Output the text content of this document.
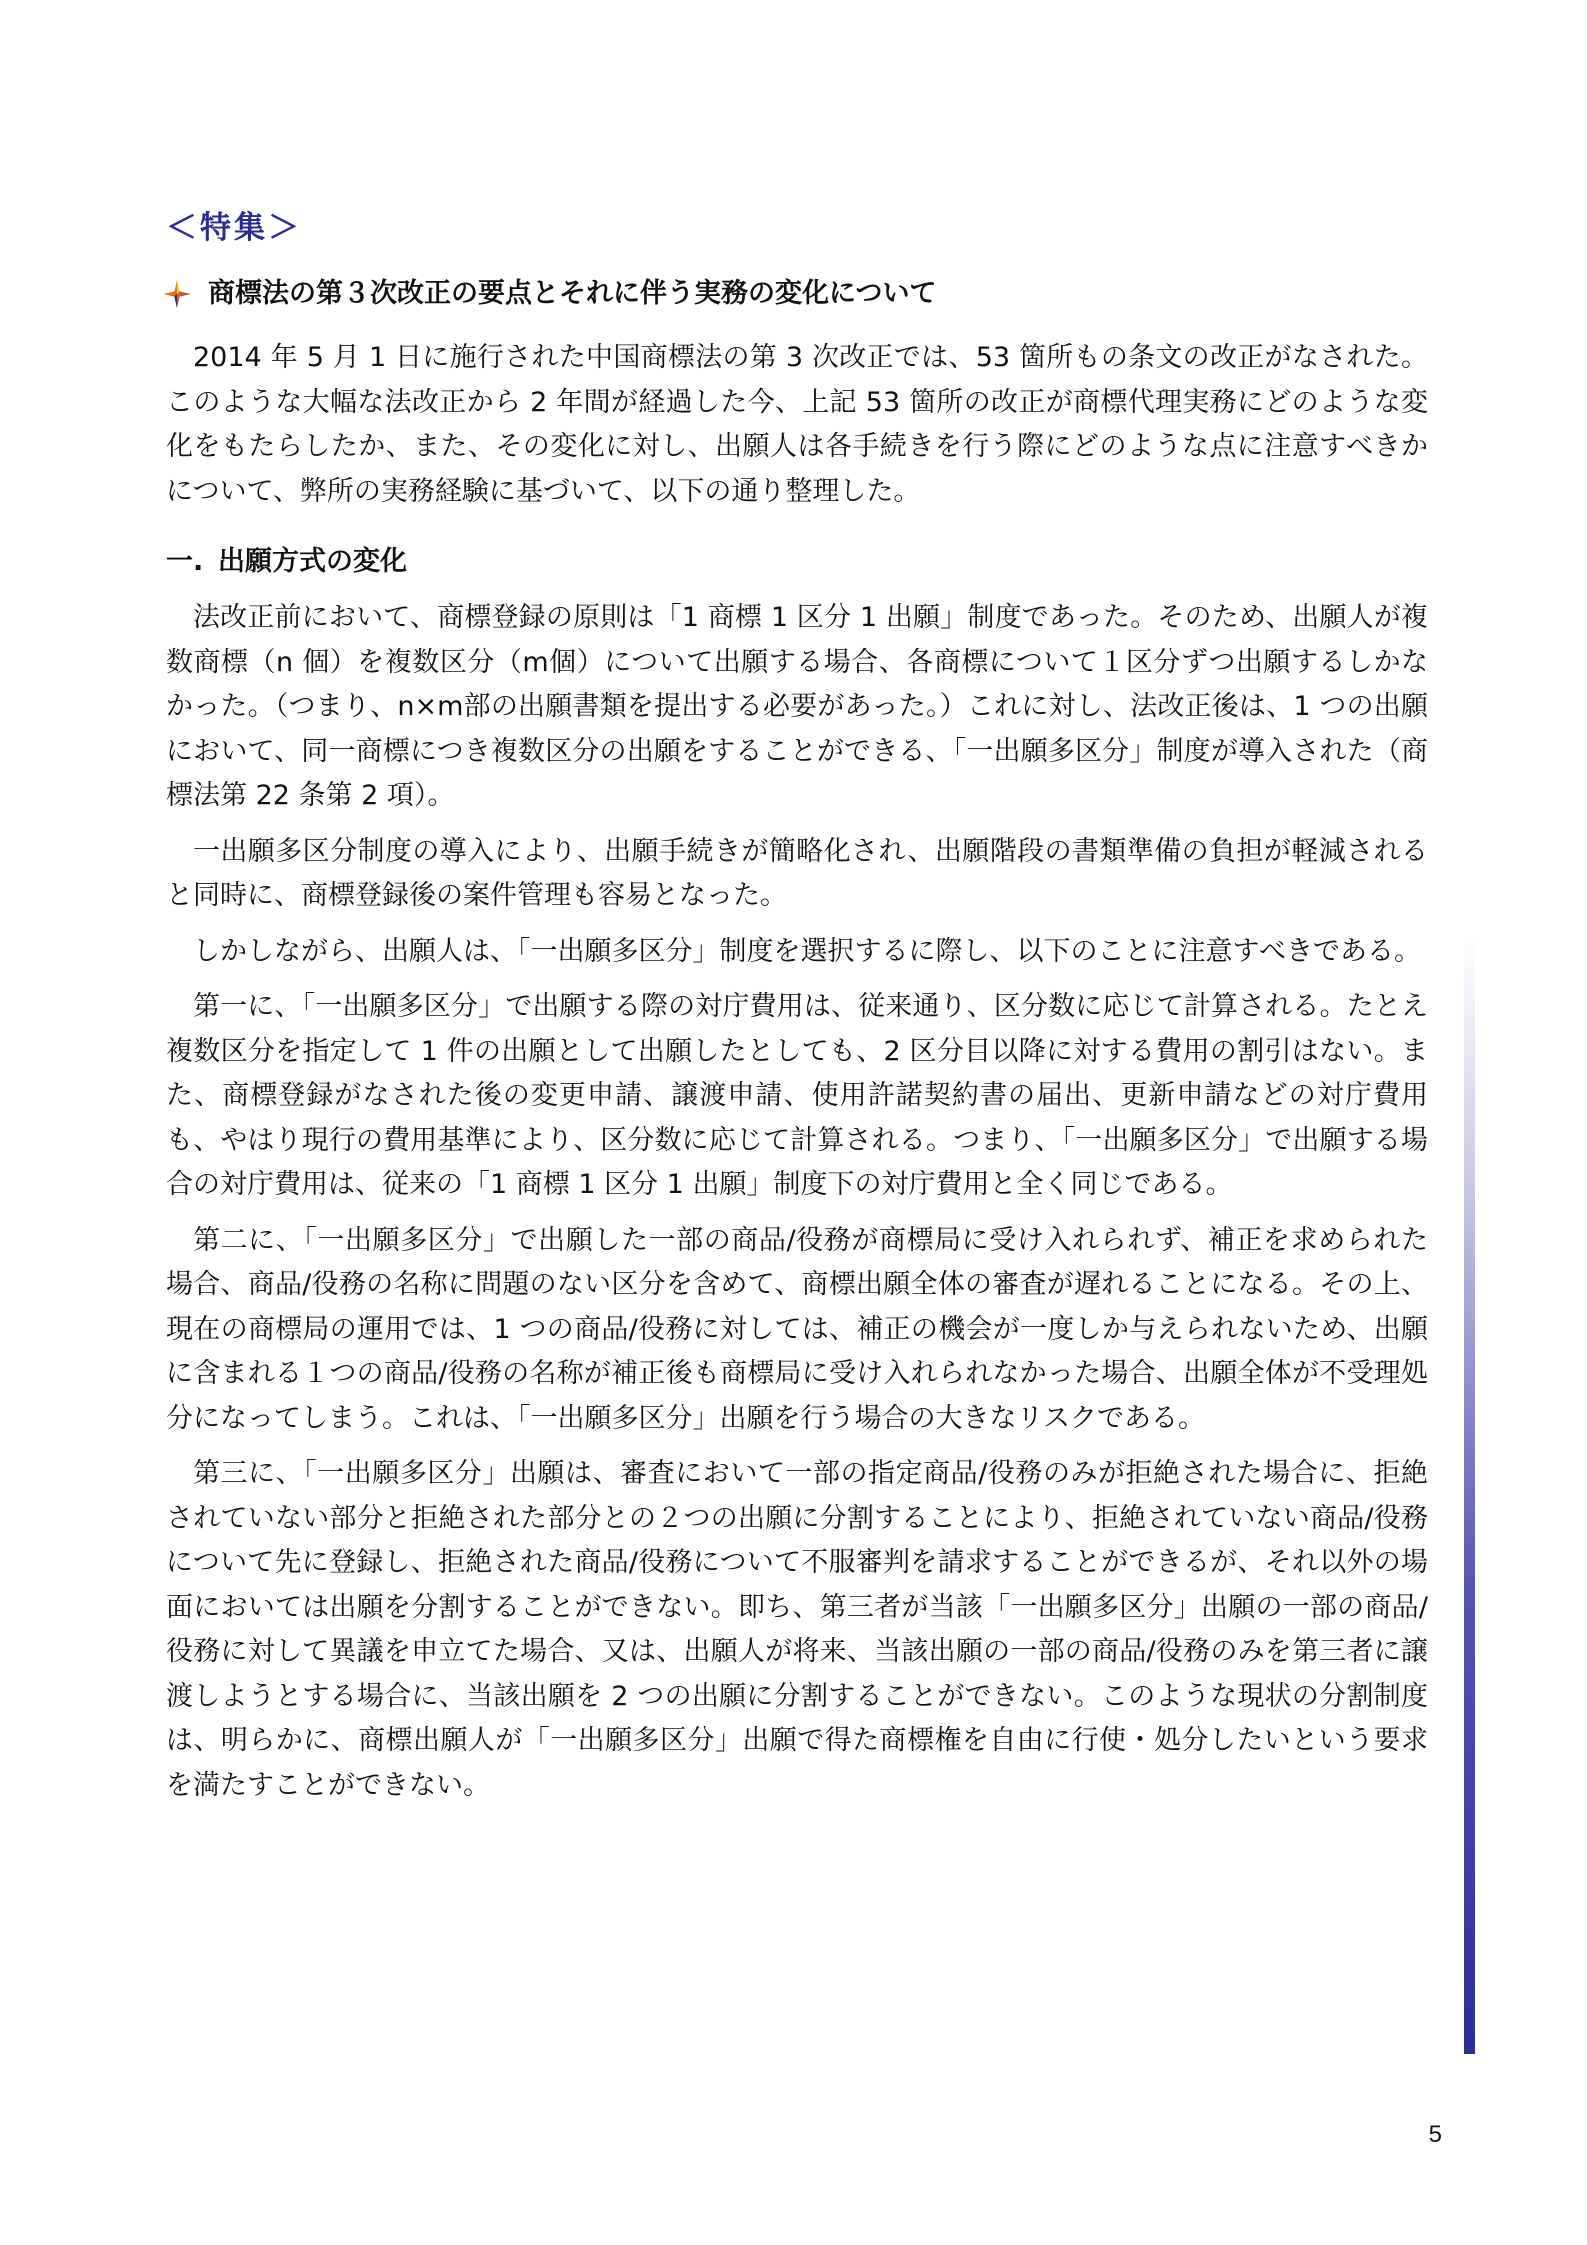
＜特集＞
商標法の第３次改正の要点とそれに伴う実務の変化について

2014 年 5 月 1 日に施行された中国商標法の第 3 次改正では、53 箇所もの条文の改正がなされた。このような大幅な法改正から 2 年間が経過した今、上記 53 箇所の改正が商標代理実務にどのような変化をもたらしたか、また、その変化に対し、出願人は各手続きを行う際にどのような点に注意すべきかについて、弊所の実務経験に基づいて、以下の通り整理した。

一. 出願方式の変化

法改正前において、商標登録の原則は「1 商標 1 区分 1 出願」制度であった。そのため、出願人が複数商標（n 個）を複数区分（m個）について出願する場合、各商標について１区分ずつ出願するしかなかった。（つまり、n×m部の出願書類を提出する必要があった。）これに対し、法改正後は、1 つの出願において、同一商標につき複数区分の出願をすることができる、「一出願多区分」制度が導入された（商標法第 22 条第 2 項）。

一出願多区分制度の導入により、出願手続きが簡略化され、出願階段の書類準備の負担が軽減されると同時に、商標登録後の案件管理も容易となった。

しかしながら、出願人は、「一出願多区分」制度を選択するに際し、以下のことに注意すべきである。

第一に、「一出願多区分」で出願する際の対庁費用は、従来通り、区分数に応じて計算される。たとえ複数区分を指定して 1 件の出願として出願したとしても、2 区分目以降に対する費用の割引はない。また、商標登録がなされた後の変更申請、譲渡申請、使用許諾契約書の届出、更新申請などの対庁費用も、やはり現行の費用基準により、区分数に応じて計算される。つまり、「一出願多区分」で出願する場合の対庁費用は、従来の「1 商標 1 区分 1 出願」制度下の対庁費用と全く同じである。

第二に、「一出願多区分」で出願した一部の商品/役務が商標局に受け入れられず、補正を求められた場合、商品/役務の名称に問題のない区分を含めて、商標出願全体の審査が遅れることになる。その上、現在の商標局の運用では、1 つの商品/役務に対しては、補正の機会が一度しか与えられないため、出願に含まれる１つの商品/役務の名称が補正後も商標局に受け入れられなかった場合、出願全体が不受理処分になってしまう。これは、「一出願多区分」出願を行う場合の大きなリスクである。

第三に、「一出願多区分」出願は、審査において一部の指定商品/役務のみが拒絶された場合に、拒絶されていない部分と拒絶された部分との２つの出願に分割することにより、拒絶されていない商品/役務について先に登録し、拒絶された商品/役務について不服審判を請求することができるが、それ以外の場面においては出願を分割することができない。即ち、第三者が当該「一出願多区分」出願の一部の商品/役務に対して異議を申立てた場合、又は、出願人が将来、当該出願の一部の商品/役務のみを第三者に譲渡しようとする場合に、当該出願を 2 つの出願に分割することができない。このような現状の分割制度は、明らかに、商標出願人が「一出願多区分」出願で得た商標権を自由に行使・処分したいという要求を満たすことができない。

5
